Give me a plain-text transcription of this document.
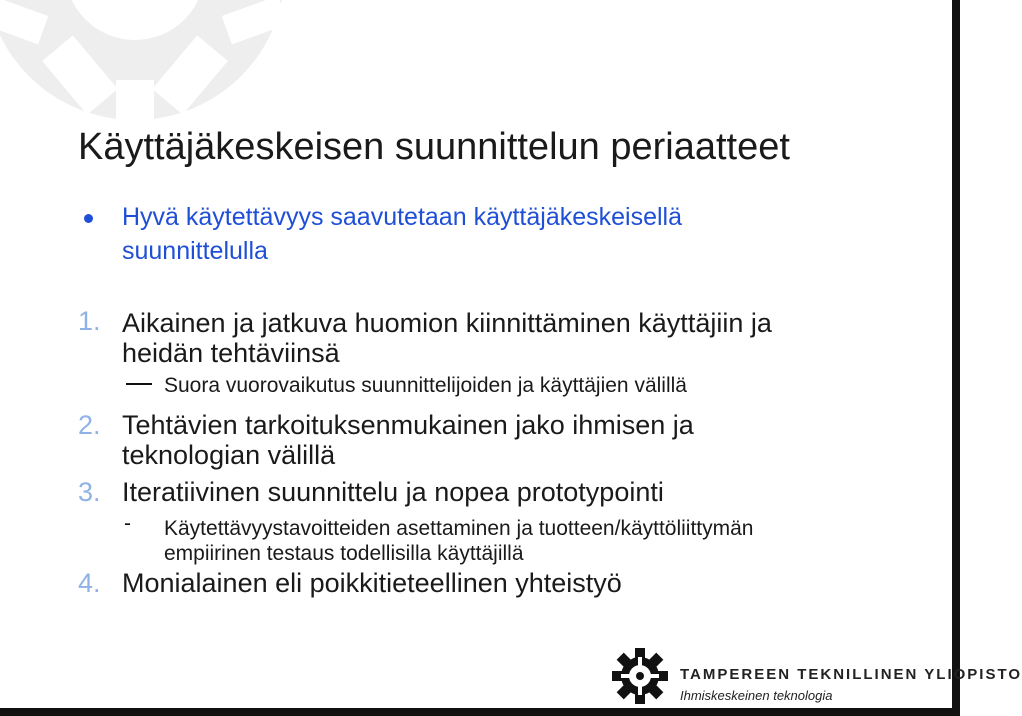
Käyttäjäkeskeisen suunnittelun periaatteet
Hyvä käytettävyys saavutetaan käyttäjäkeskeisellä
suunnittelulla
1. Aikainen ja jatkuva huomion kiinnittäminen käyttäjiin ja
heidän tehtäviinsä
Suora vuorovaikutus suunnittelijoiden ja käyttäjien välillä
2. Tehtävien tarkoituksenmukainen jako ihmisen ja
teknologian välillä
3. Iteratiivinen suunnittelu ja nopea prototypointi
- Käytettävyystavoitteiden asettaminen ja tuotteen/käyttöliittymän
empiirinen testaus todellisilla käyttäjillä
4. Monialainen eli poikkitieteellinen yhteistyö
TAMPEREEN TEKNILLINEN YLIOPISTO
Ihmiskeskeinen teknologia
